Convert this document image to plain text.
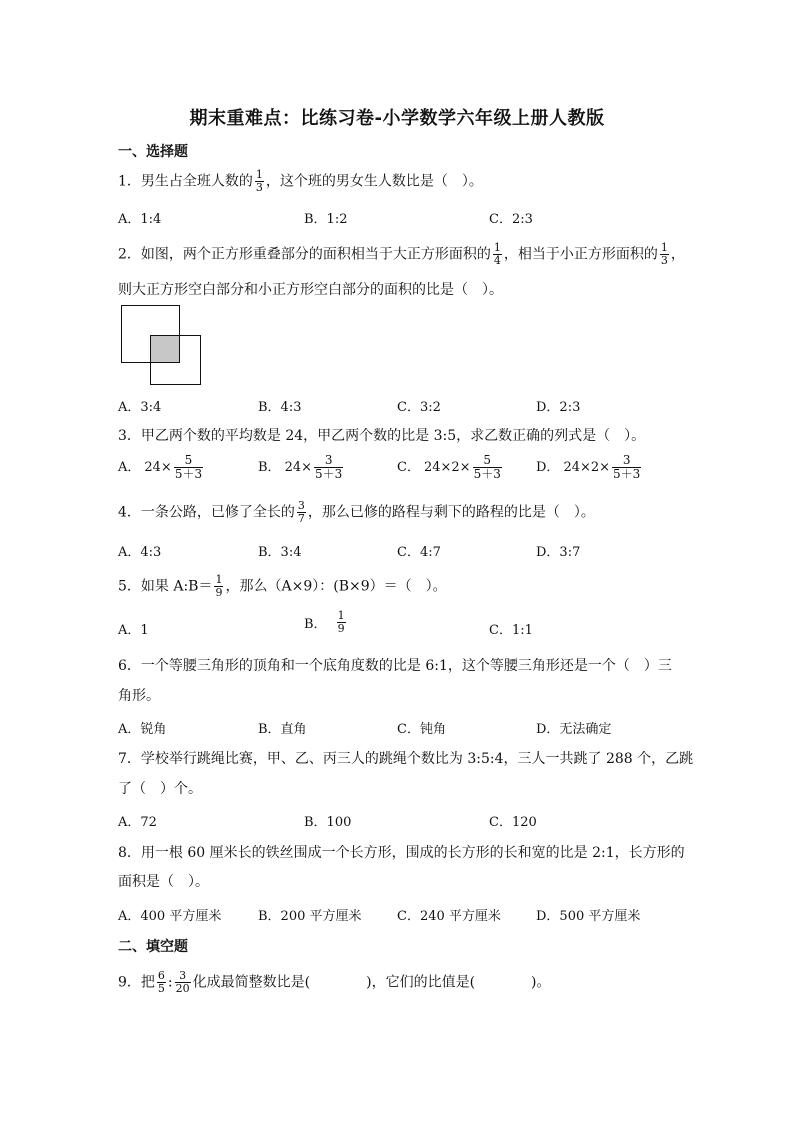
期末重难点：比练习卷-小学数学六年级上册人教版
一、选择题
1．男生占全班人数的 $\frac{1}{3}$ ，这个班的男女生人数比是（　）。
A．1:4	B．1:2	C．2:3
2．如图，两个正方形重叠部分的面积相当于大正方形面积的 $\frac{1}{4}$ ，相当于小正方形面积的 $\frac{1}{3}$ ，
则大正方形空白部分和小正方形空白部分的面积的比是（　）。
A．3:4	B．4:3	C．3:2	D．2:3
3．甲乙两个数的平均数是 24，甲乙两个数的比是 3:5，求乙数正确的列式是（　）。
A． $24\times \frac{5}{5+3}$	B． $24\times \frac{3}{5+3}$	C． $24\times 2\times \frac{5}{5+3}$	D． $24\times 2\times \frac{3}{5+3}$
4．一条公路，已修了全长的 $\frac{3}{7}$ ，那么已修的路程与剩下的路程的比是（　）。
A．4:3	B．3:4	C．4:7	D．3:7
5．如果 A:B＝ $\frac{1}{9}$ ，那么（A×9）：(B×9）＝（　）。
A．1	B． $\frac{1}{9}$	C．1:1
6．一个等腰三角形的顶角和一个底角度数的比是 6:1，这个等腰三角形还是一个（　）三
角形。
A．锐角	B．直角	C．钝角	D．无法确定
7．学校举行跳绳比赛，甲、乙、丙三人的跳绳个数比为 3:5:4，三人一共跳了 288 个，乙跳
了（　）个。
A．72	B．100	C．120
8．用一根 60 厘米长的铁丝围成一个长方形，围成的长方形的长和宽的比是 2:1，长方形的
面积是（　）。
A．400 平方厘米	B．200 平方厘米	C．240 平方厘米	D．500 平方厘米
二、填空题
9．把 $\frac{6}{5}$ : $\frac{3}{20}$ 化成最简整数比是(　　　　)，它们的比值是(　　　　)。
